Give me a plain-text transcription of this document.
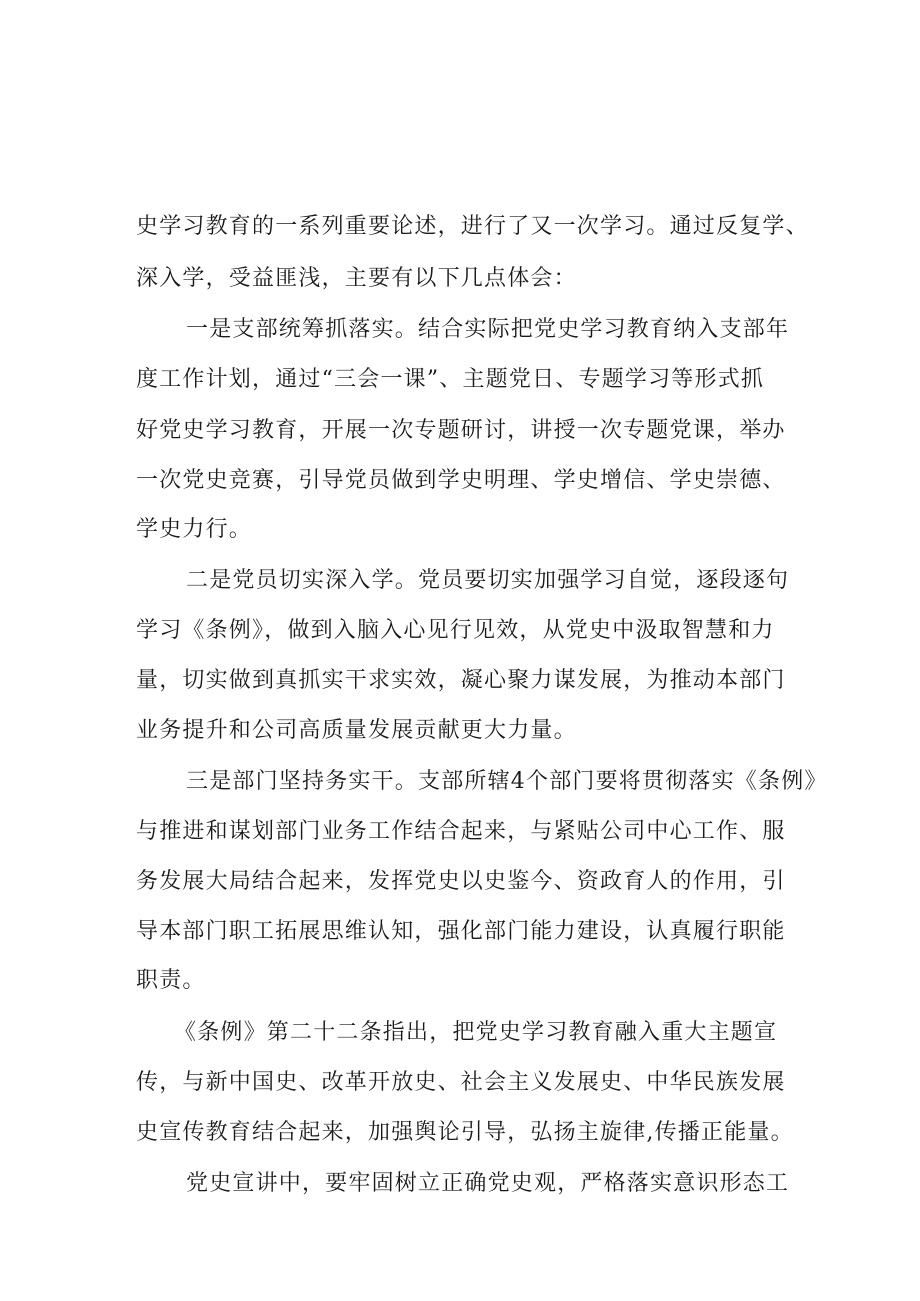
史学习教育的一系列重要论述，进行了又一次学习。通过反复学、

深入学，受益匪浅，主要有以下几点体会：

一是支部统筹抓落实。结合实际把党史学习教育纳入支部年

度工作计划，通过“三会一课”、主题党日、专题学习等形式抓

好党史学习教育，开展一次专题研讨，讲授一次专题党课，举办

一次党史竞赛，引导党员做到学史明理、学史增信、学史崇德、

学史力行。

二是党员切实深入学。党员要切实加强学习自觉，逐段逐句

学习《条例》，做到入脑入心见行见效，从党史中汲取智慧和力

量，切实做到真抓实干求实效，凝心聚力谋发展，为推动本部门

业务提升和公司高质量发展贡献更大力量。

三是部门坚持务实干。支部所辖4个部门要将贯彻落实《条例》

与推进和谋划部门业务工作结合起来，与紧贴公司中心工作、服

务发展大局结合起来，发挥党史以史鉴今、资政育人的作用，引

导本部门职工拓展思维认知，强化部门能力建设，认真履行职能

职责。

《条例》第二十二条指出，把党史学习教育融入重大主题宣

传，与新中国史、改革开放史、社会主义发展史、中华民族发展

史宣传教育结合起来，加强舆论引导，弘扬主旋律,传播正能量。

党史宣讲中，要牢固树立正确党史观，严格落实意识形态工
